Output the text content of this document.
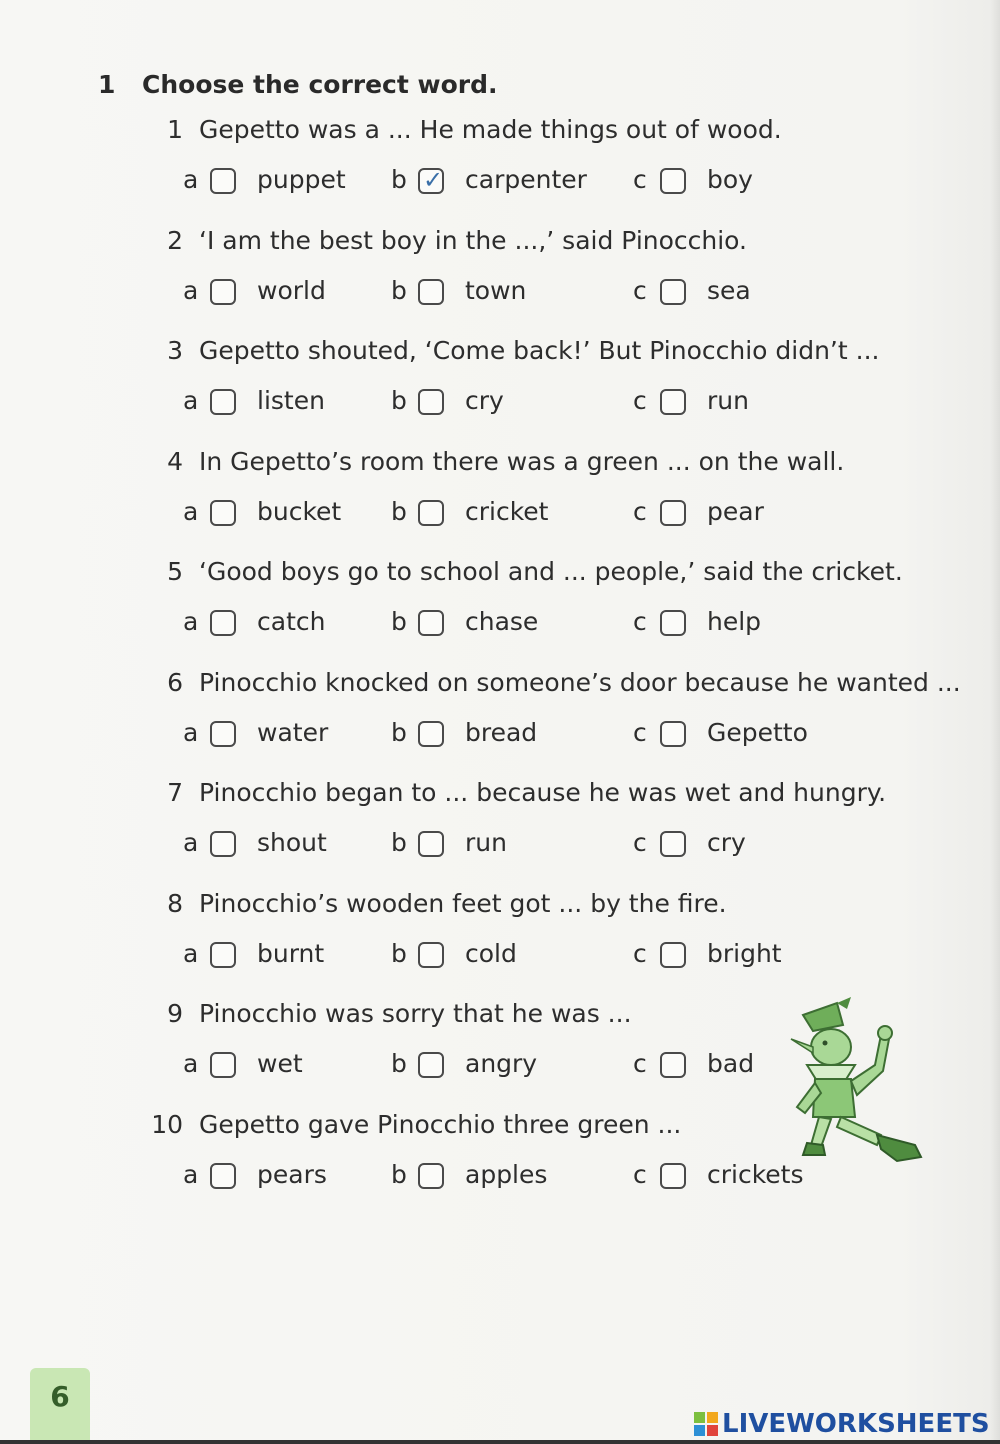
1 Choose the correct word.
1 Gepetto was a ... He made things out of wood.
a puppet b ✓ carpenter c boy
2 ‘I am the best boy in the ...,’ said Pinocchio.
a world	b town	c sea
3 Gepetto shouted, ‘Come back!’ But Pinocchio didn’t ...
a listen	b cry	c run
4 In Gepetto’s room there was a green ... on the wall.
a bucket b cricket	c pear
5 ‘Good boys go to school and ... people,’ said the cricket.
a catch	b chase	c help
6 Pinocchio knocked on someone’s door because he wanted ...
a water	b bread	c Gepetto
7 Pinocchio began to ... because he was wet and hungry.
a shout	b run	c cry
8 Pinocchio’s wooden feet got ... by the fire.
a burnt	b cold	c bright
9 Pinocchio was sorry that he was ...
a wet	b angry	c bad
10 Gepetto gave Pinocchio three green ...
a pears	b apples	c crickets
6
LIVEWORKSHEETS
